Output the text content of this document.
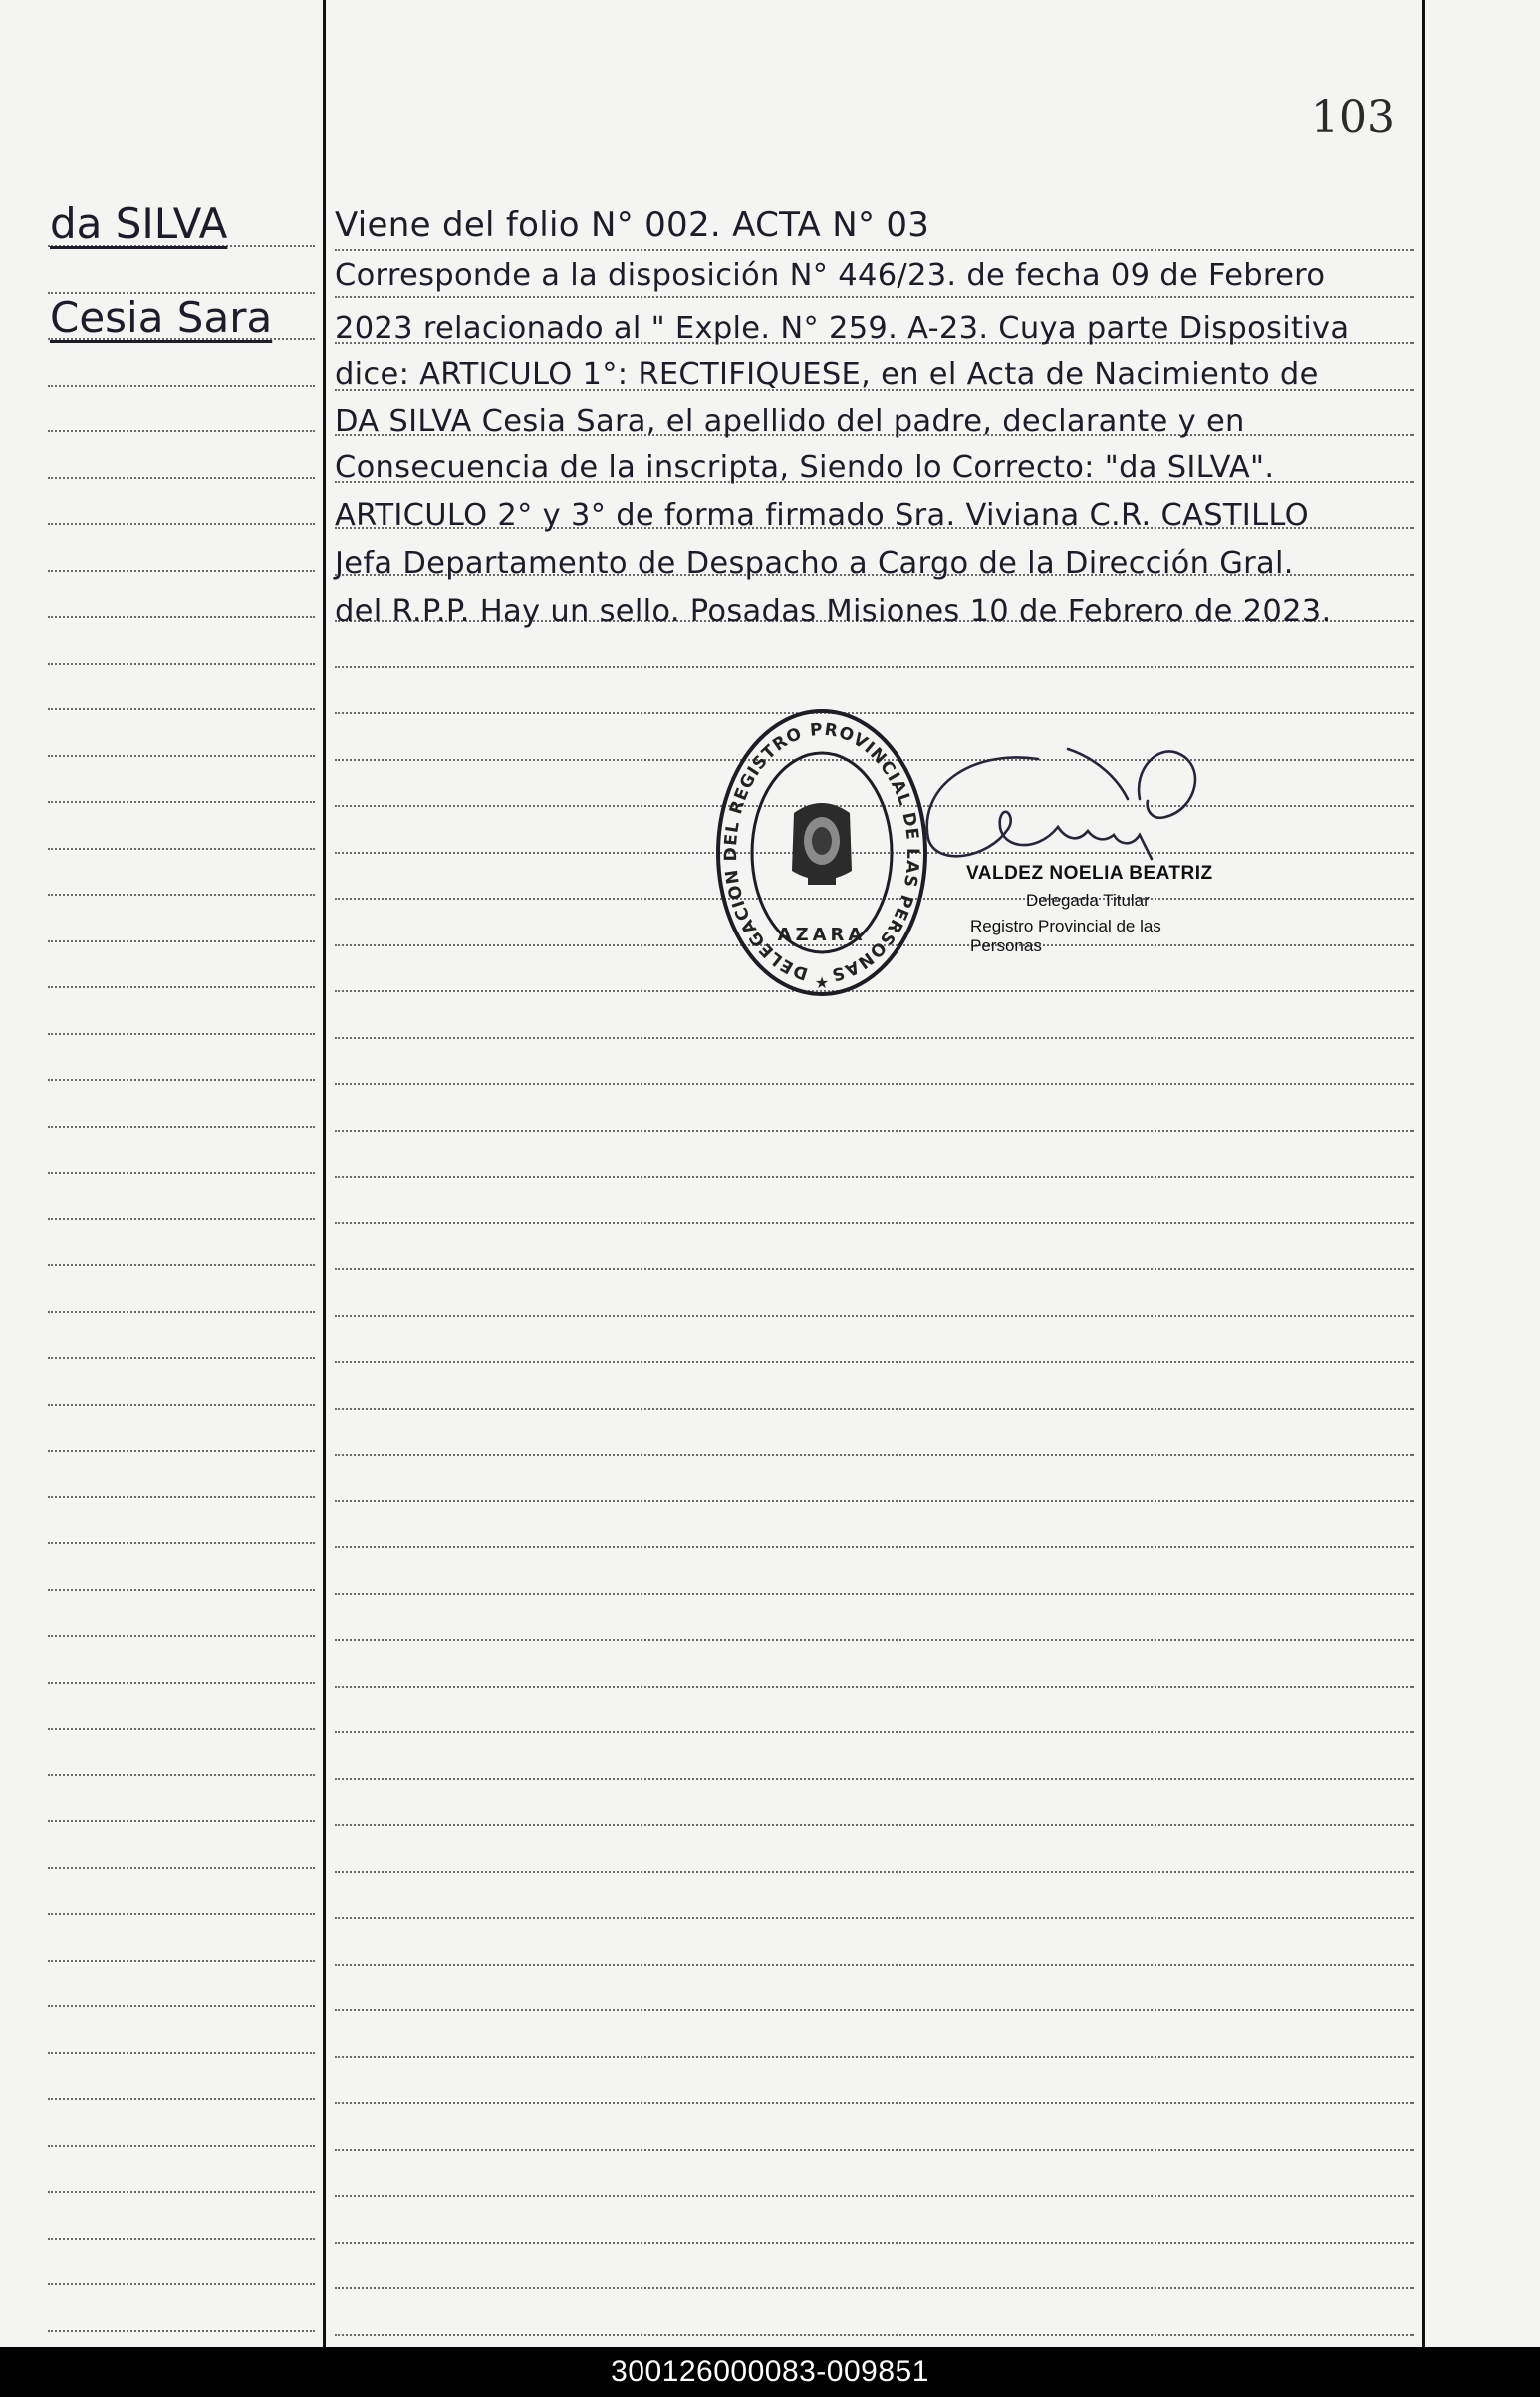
103
da SILVA
Cesia Sara
Viene del folio N° 002. ACTA N° 03
Corresponde a la disposición N° 446/23. de fecha 09 de Febrero
2023 relacionado al " Exple. N° 259. A-23. Cuya parte Dispositiva
dice: ARTICULO 1°: RECTIFIQUESE, en el Acta de Nacimiento de
DA SILVA Cesia Sara, el apellido del padre, declarante y en
Consecuencia de la inscripta, Siendo lo Correcto: "da SILVA".
ARTICULO 2° y 3° de forma firmado Sra. Viviana C.R. CASTILLO
Jefa Departamento de Despacho a Cargo de la Dirección Gral.
del R.P.P. Hay un sello. Posadas Misiones 10 de Febrero de 2023.
DELEGACION DEL REGISTRO PROVINCIAL DE LAS PERSONAS
★
AZARA
VALDEZ NOELIA BEATRIZ
Delegada Titular
Registro Provincial de las Personas
300126000083-009851
